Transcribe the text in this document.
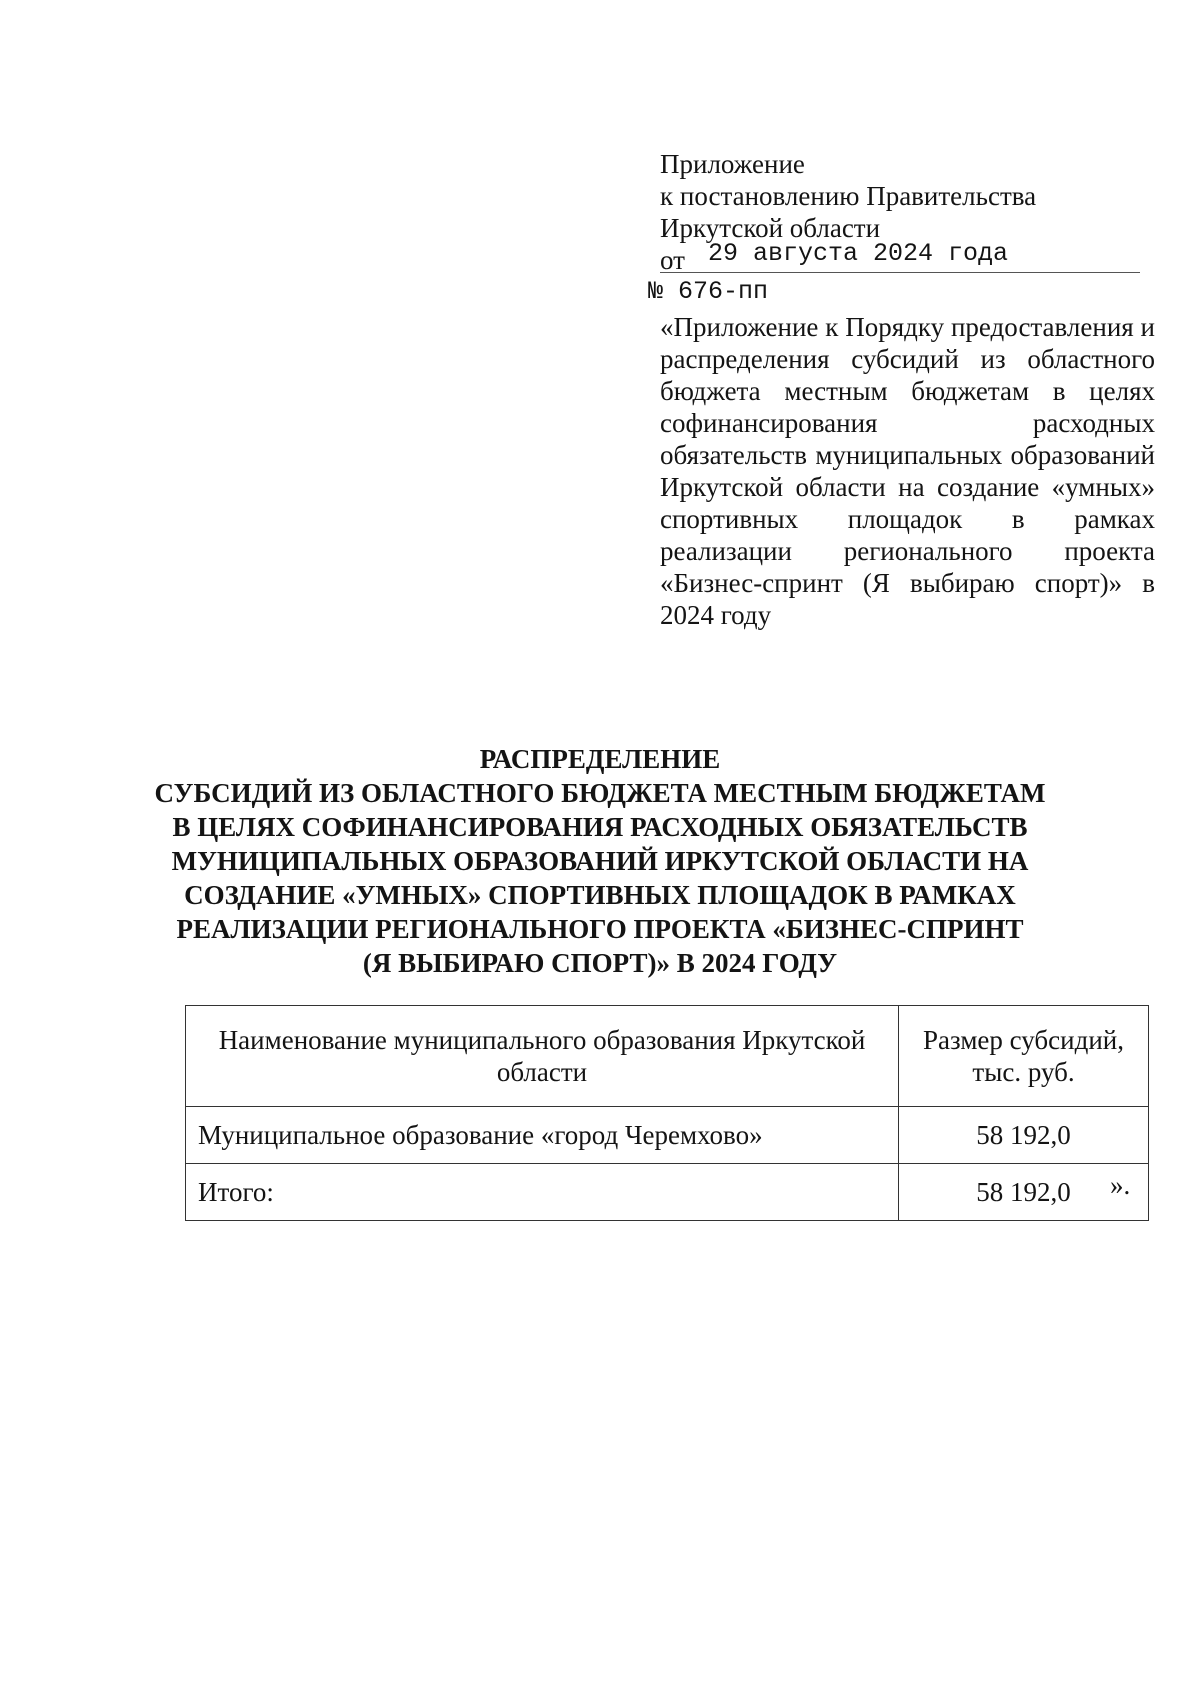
Приложение
к постановлению Правительства
Иркутской области
от 29 августа 2024 года
№ 676-пп
«Приложение к Порядку предоставления и распределения субсидий из областного бюджета местным бюджетам в целях софинансирования расходных обязательств муниципальных образований Иркутской области на создание «умных» спортивных площадок в рамках реализации регионального проекта «Бизнес-спринт (Я выбираю спорт)» в 2024 году
РАСПРЕДЕЛЕНИЕ
СУБСИДИЙ ИЗ ОБЛАСТНОГО БЮДЖЕТА МЕСТНЫМ БЮДЖЕТАМ
В ЦЕЛЯХ СОФИНАНСИРОВАНИЯ РАСХОДНЫХ ОБЯЗАТЕЛЬСТВ
МУНИЦИПАЛЬНЫХ ОБРАЗОВАНИЙ ИРКУТСКОЙ ОБЛАСТИ НА
СОЗДАНИЕ «УМНЫХ» СПОРТИВНЫХ ПЛОЩАДОК В РАМКАХ
РЕАЛИЗАЦИИ РЕГИОНАЛЬНОГО ПРОЕКТА «БИЗНЕС-СПРИНТ
(Я ВЫБИРАЮ СПОРТ)» В 2024 ГОДУ
Наименование муниципального образования Иркутской области	Размер субсидий, тыс. руб.
Муниципальное образование «город Черемхово»	58 192,0
Итого:	58 192,0 ».
